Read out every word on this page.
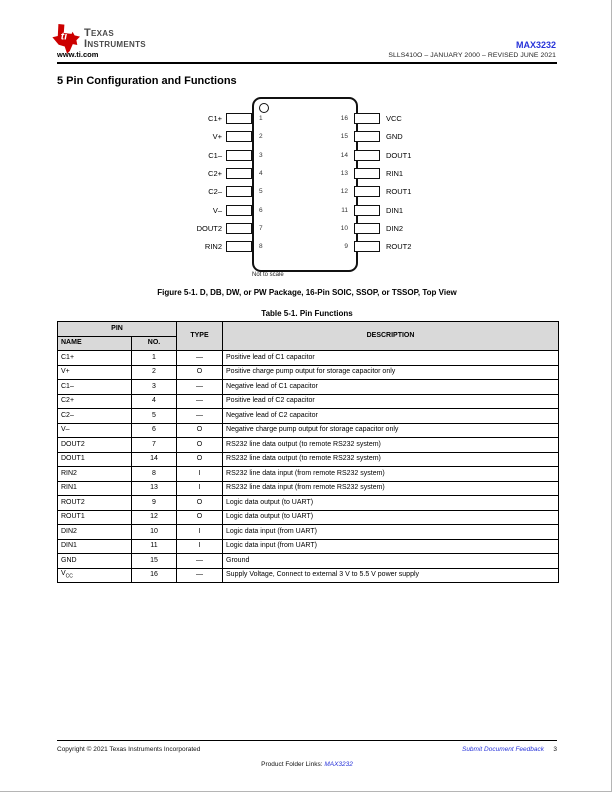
ti Texas
Instruments
www.ti.com
MAX3232
SLLS410O – JANUARY 2000 – REVISED JUNE 2021
5 Pin Configuration and Functions
C1+	1	16	VCC
V+	2	15	GND
C1–	3	14	DOUT1
C2+	4	13	RIN1
C2–	5	12	ROUT1
V–	6	11	DIN1
DOUT2	7	10	DIN2
RIN2	8	9	ROUT2
Not to scale
Figure 5-1. D, DB, DW, or PW Package, 16-Pin SOIC, SSOP, or TSSOP, Top View
Table 5-1. Pin Functions
PIN		TYPE	DESCRIPTION
NAME	NO.		
C1+	1	—	Positive lead of C1 capacitor
V+	2	O	Positive charge pump output for storage capacitor only
C1–	3	—	Negative lead of C1 capacitor
C2+	4	—	Positive lead of C2 capacitor
C2–	5	—	Negative lead of C2 capacitor
V–	6	O	Negative charge pump output for storage capacitor only
DOUT2	7	O	RS232 line data output (to remote RS232 system)
DOUT1	14	O	RS232 line data output (to remote RS232 system)
RIN2	8	I	RS232 line data input (from remote RS232 system)
RIN1	13	I	RS232 line data input (from remote RS232 system)
ROUT2	9	O	Logic data output (to UART)
ROUT1	12	O	Logic data output (to UART)
DIN2	10	I	Logic data input (from UART)
DIN1	11	I	Logic data input (from UART)
GND	15	—	Ground
$V_{CC}$	16	—	Supply Voltage, Connect to external 3 V to 5.5 V power supply
Copyright © 2021 Texas Instruments Incorporated	Submit Document Feedback 3
Product Folder Links: MAX3232
